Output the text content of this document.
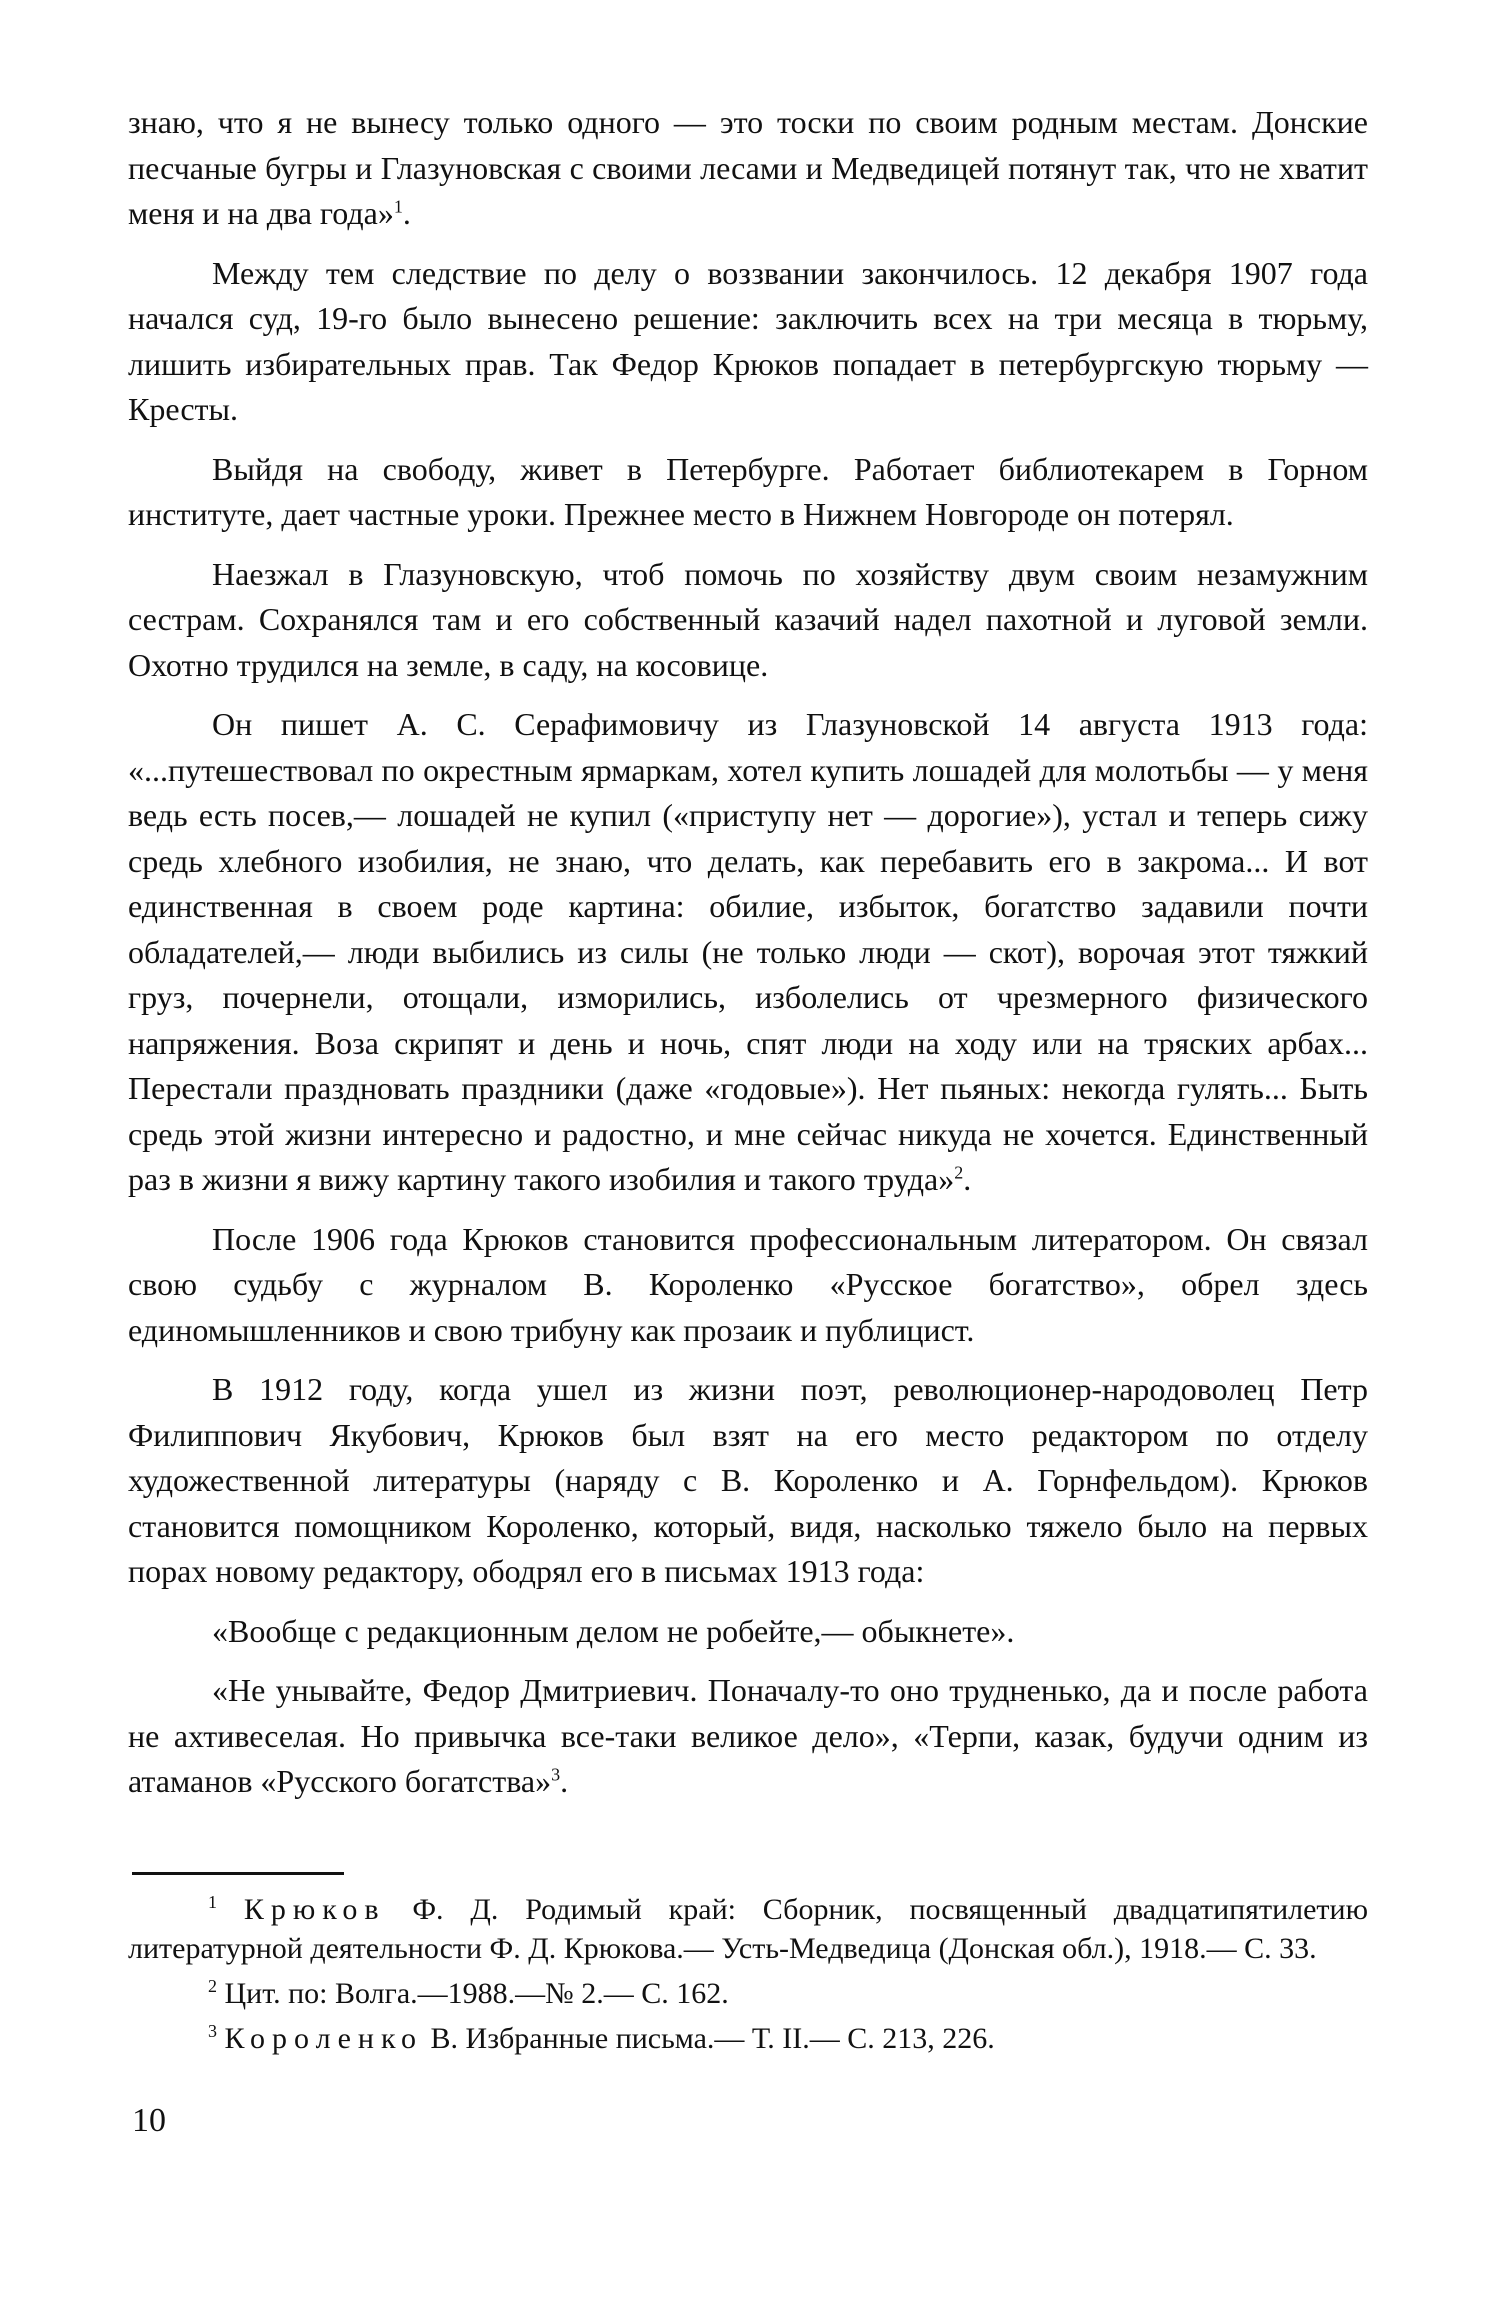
знаю, что я не вынесу только одного — это тоски по своим родным местам. Донские песчаные бугры и Глазуновская с своими лесами и Медведицей потянут так, что не хватит меня и на два года»$^1$.

Между тем следствие по делу о воззвании закончилось. 12 декабря 1907 года начался суд, 19-го было вынесено решение: заключить всех на три месяца в тюрьму, лишить избирательных прав. Так Федор Крюков попадает в петербургскую тюрьму — Кресты.

Выйдя на свободу, живет в Петербурге. Работает библиотекарем в Горном институте, дает частные уроки. Прежнее место в Нижнем Новгороде он потерял.

Наезжал в Глазуновскую, чтоб помочь по хозяйству двум своим незамужним сестрам. Сохранялся там и его собственный казачий надел пахотной и луговой земли. Охотно трудился на земле, в саду, на косовице.

Он пишет А. С. Серафимовичу из Глазуновской 14 августа 1913 года: «...путешествовал по окрестным ярмаркам, хотел купить лошадей для молотьбы — у меня ведь есть посев,— лошадей не купил («приступу нет — дорогие»), устал и теперь сижу средь хлебного изобилия, не знаю, что делать, как перебавить его в закрома... И вот единственная в своем роде картина: обилие, избыток, богатство задавили почти обладателей,— люди выбились из силы (не только люди — скот), ворочая этот тяжкий груз, почернели, отощали, изморились, изболелись от чрезмерного физического напряжения. Воза скрипят и день и ночь, спят люди на ходу или на тряских арбах... Перестали праздновать праздники (даже «годовые»). Нет пьяных: некогда гулять... Быть средь этой жизни интересно и радостно, и мне сейчас никуда не хочется. Единственный раз в жизни я вижу картину такого изобилия и такого труда»$^2$.

После 1906 года Крюков становится профессиональным литератором. Он связал свою судьбу с журналом В. Короленко «Русское богатство», обрел здесь единомышленников и свою трибуну как прозаик и публицист.

В 1912 году, когда ушел из жизни поэт, революционер-народоволец Петр Филиппович Якубович, Крюков был взят на его место редактором по отделу художественной литературы (наряду с В. Короленко и А. Горнфельдом). Крюков становится помощником Короленко, который, видя, насколько тяжело было на первых порах новому редактору, ободрял его в письмах 1913 года:

«Вообще с редакционным делом не робейте,— обыкнете».

«Не унывайте, Федор Дмитриевич. Поначалу-то оно трудненько, да и после работа не ахтивеселая. Но привычка все-таки великое дело», «Терпи, казак, будучи одним из атаманов «Русского богатства»$^3$.

$^1$ Крюков Ф. Д. Родимый край: Сборник, посвященный двадцатипятилетию литературной деятельности Ф. Д. Крюкова.— Усть-Медведица (Донская обл.), 1918.— С. 33.

$^2$ Цит. по: Волга.—1988.—№ 2.— С. 162.

$^3$ Короленко В. Избранные письма.— Т. II.— С. 213, 226.

10
